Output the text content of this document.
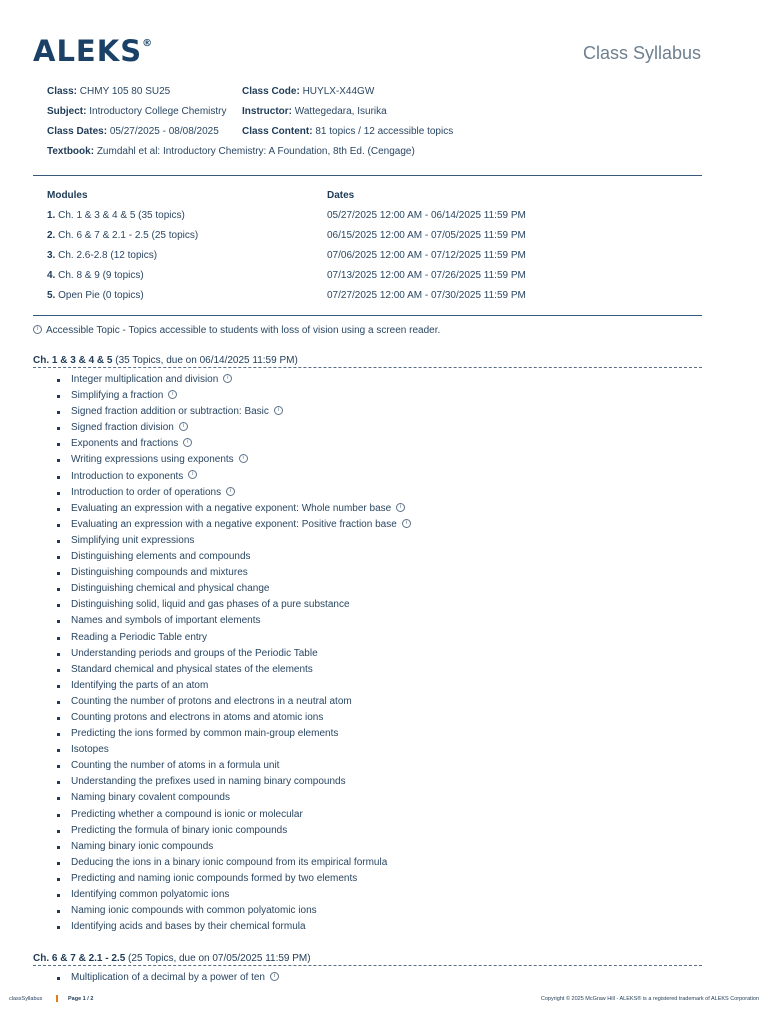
ALEKS®	Class Syllabus
Class: CHMY 105 80 SU25	Class Code: HUYLX-X44GW
Subject: Introductory College Chemistry Instructor: Wattegedara, Isurika
Class Dates: 05/27/2025 - 08/08/2025 Class Content: 81 topics / 12 accessible topics
Textbook: Zumdahl et al: Introductory Chemistry: A Foundation, 8th Ed. (Cengage)
Modules	Dates
1. Ch. 1 & 3 & 4 & 5 (35 topics)	05/27/2025 12:00 AM - 06/14/2025 11:59 PM
2. Ch. 6 & 7 & 2.1 - 2.5 (25 topics)	06/15/2025 12:00 AM - 07/05/2025 11:59 PM
3. Ch. 2.6-2.8 (12 topics)	07/06/2025 12:00 AM - 07/12/2025 11:59 PM
4. Ch. 8 & 9 (9 topics)	07/13/2025 12:00 AM - 07/26/2025 11:59 PM
5. Open Pie (0 topics)	07/27/2025 12:00 AM - 07/30/2025 11:59 PM
i Accessible Topic - Topics accessible to students with loss of vision using a screen reader.
Ch. 1 & 3 & 4 & 5 (35 Topics, due on 06/14/2025 11:59 PM)
Integer multiplication and division i
Simplifying a fraction i
Signed fraction addition or subtraction: Basic i
Signed fraction division i
Exponents and fractions i
Writing expressions using exponents i
Introduction to exponents i
Introduction to order of operations i
Evaluating an expression with a negative exponent: Whole number base i
Evaluating an expression with a negative exponent: Positive fraction base i
Simplifying unit expressions
Distinguishing elements and compounds
Distinguishing compounds and mixtures
Distinguishing chemical and physical change
Distinguishing solid, liquid and gas phases of a pure substance
Names and symbols of important elements
Reading a Periodic Table entry
Understanding periods and groups of the Periodic Table
Standard chemical and physical states of the elements
Identifying the parts of an atom
Counting the number of protons and electrons in a neutral atom
Counting protons and electrons in atoms and atomic ions
Predicting the ions formed by common main-group elements
Isotopes
Counting the number of atoms in a formula unit
Understanding the prefixes used in naming binary compounds
Naming binary covalent compounds
Predicting whether a compound is ionic or molecular
Predicting the formula of binary ionic compounds
Naming binary ionic compounds
Deducing the ions in a binary ionic compound from its empirical formula
Predicting and naming ionic compounds formed by two elements
Identifying common polyatomic ions
Naming ionic compounds with common polyatomic ions
Identifying acids and bases by their chemical formula
Ch. 6 & 7 & 2.1 - 2.5 (25 Topics, due on 07/05/2025 11:59 PM)
Multiplication of a decimal by a power of ten i
classSyllabus	Page 1 / 2	Copyright © 2025 McGraw Hill - ALEKS® is a registered trademark of ALEKS Corporation
